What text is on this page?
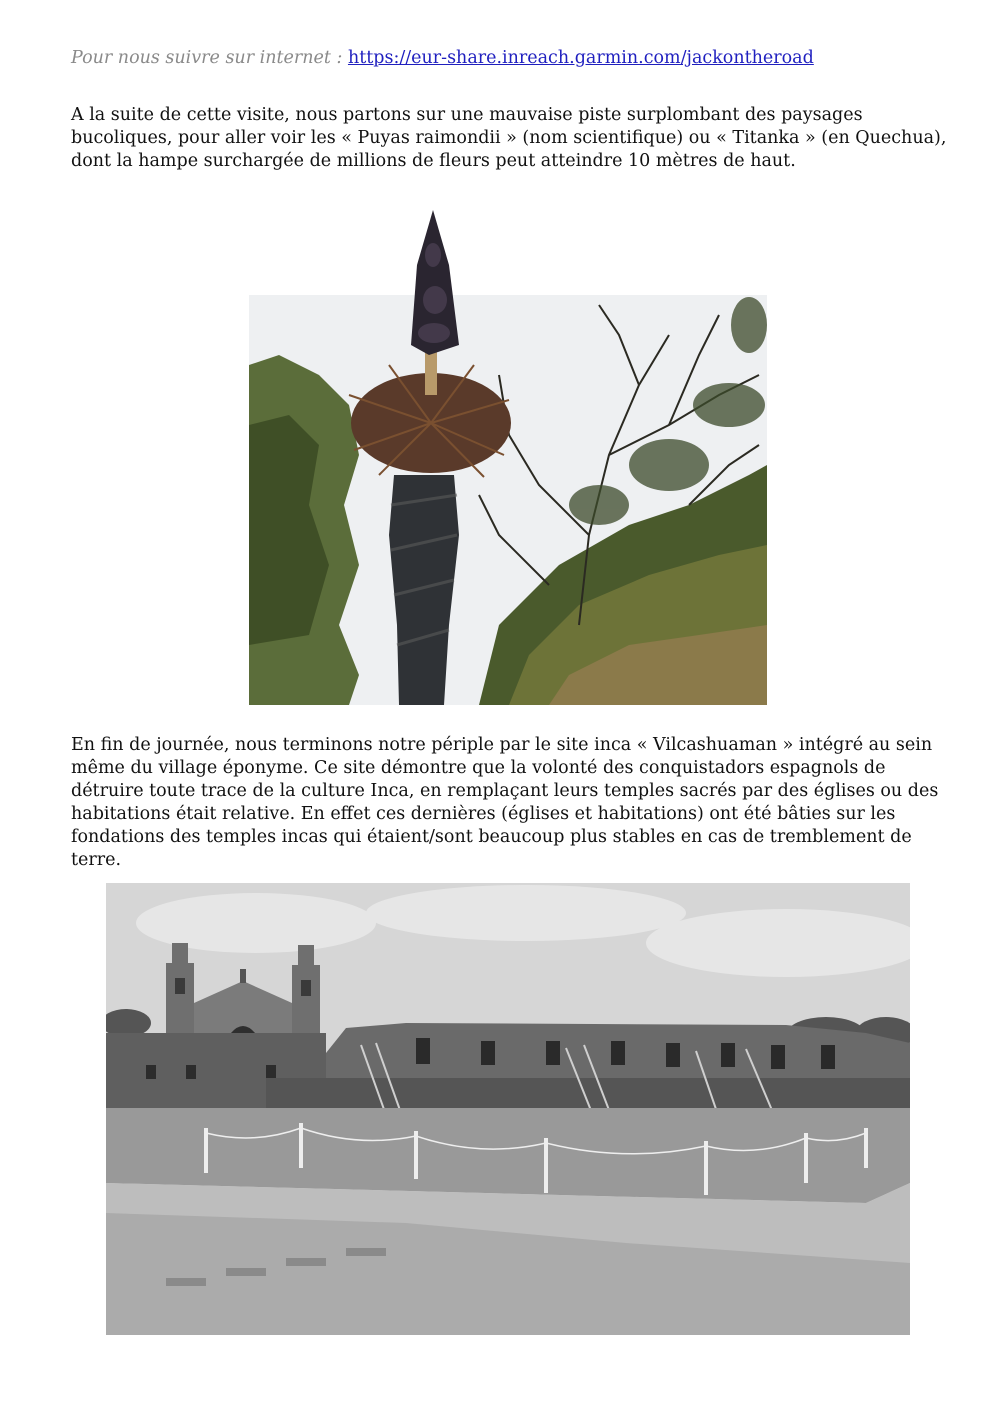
Pour nous suivre sur internet : https://eur-share.inreach.garmin.com/jackontheroad

A la suite de cette visite, nous partons sur une mauvaise piste surplombant des paysages bucoliques, pour aller voir les « Puyas raimondii » (nom scientifique) ou « Titanka » (en Quechua), dont la hampe surchargée de millions de fleurs peut atteindre 10 mètres de haut.

En fin de journée, nous terminons notre périple par le site inca « Vilcashuaman » intégré au sein même du village éponyme. Ce site démontre que la volonté des conquistadors espagnols de détruire toute trace de la culture Inca, en remplaçant leurs temples sacrés par des églises ou des habitations était relative. En effet ces dernières (églises et habitations) ont été bâties sur les fondations des temples incas qui étaient/sont beaucoup plus stables en cas de tremblement de terre.
